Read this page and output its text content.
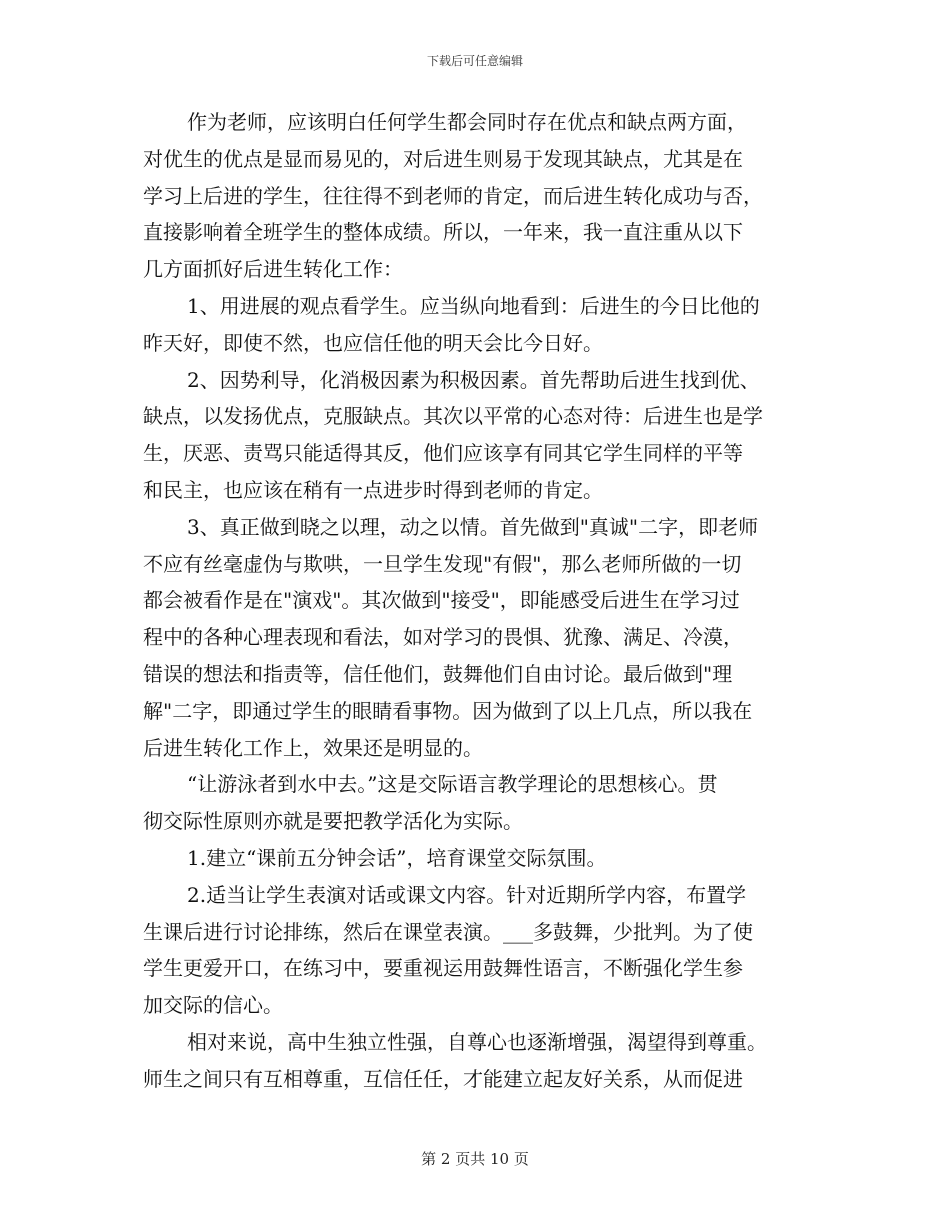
下载后可任意编辑
作为老师，应该明白任何学生都会同时存在优点和缺点两方面，
对优生的优点是显而易见的，对后进生则易于发现其缺点，尤其是在
学习上后进的学生，往往得不到老师的肯定，而后进生转化成功与否，
直接影响着全班学生的整体成绩。所以，一年来，我一直注重从以下
几方面抓好后进生转化工作：
1、用进展的观点看学生。应当纵向地看到：后进生的今日比他的
昨天好，即使不然，也应信任他的明天会比今日好。
2、因势利导，化消极因素为积极因素。首先帮助后进生找到优、
缺点，以发扬优点，克服缺点。其次以平常的心态对待：后进生也是学
生，厌恶、责骂只能适得其反，他们应该享有同其它学生同样的平等
和民主，也应该在稍有一点进步时得到老师的肯定。
3、真正做到晓之以理，动之以情。首先做到"真诚"二字，即老师
不应有丝毫虚伪与欺哄，一旦学生发现"有假"，那么老师所做的一切
都会被看作是在"演戏"。其次做到"接受"，即能感受后进生在学习过
程中的各种心理表现和看法，如对学习的畏惧、犹豫、满足、冷漠，
错误的想法和指责等，信任他们，鼓舞他们自由讨论。最后做到"理
解"二字，即通过学生的眼睛看事物。因为做到了以上几点，所以我在
后进生转化工作上，效果还是明显的。
“让游泳者到水中去。”这是交际语言教学理论的思想核心。贯
彻交际性原则亦就是要把教学活化为实际。
1.建立“课前五分钟会话”，培育课堂交际氛围。
2.适当让学生表演对话或课文内容。针对近期所学内容，布置学
生课后进行讨论排练，然后在课堂表演。___多鼓舞，少批判。为了使
学生更爱开口，在练习中，要重视运用鼓舞性语言，不断强化学生参
加交际的信心。
相对来说，高中生独立性强，自尊心也逐渐增强，渴望得到尊重。
师生之间只有互相尊重，互信任任，才能建立起友好关系，从而促进
第 2 页共 10 页
